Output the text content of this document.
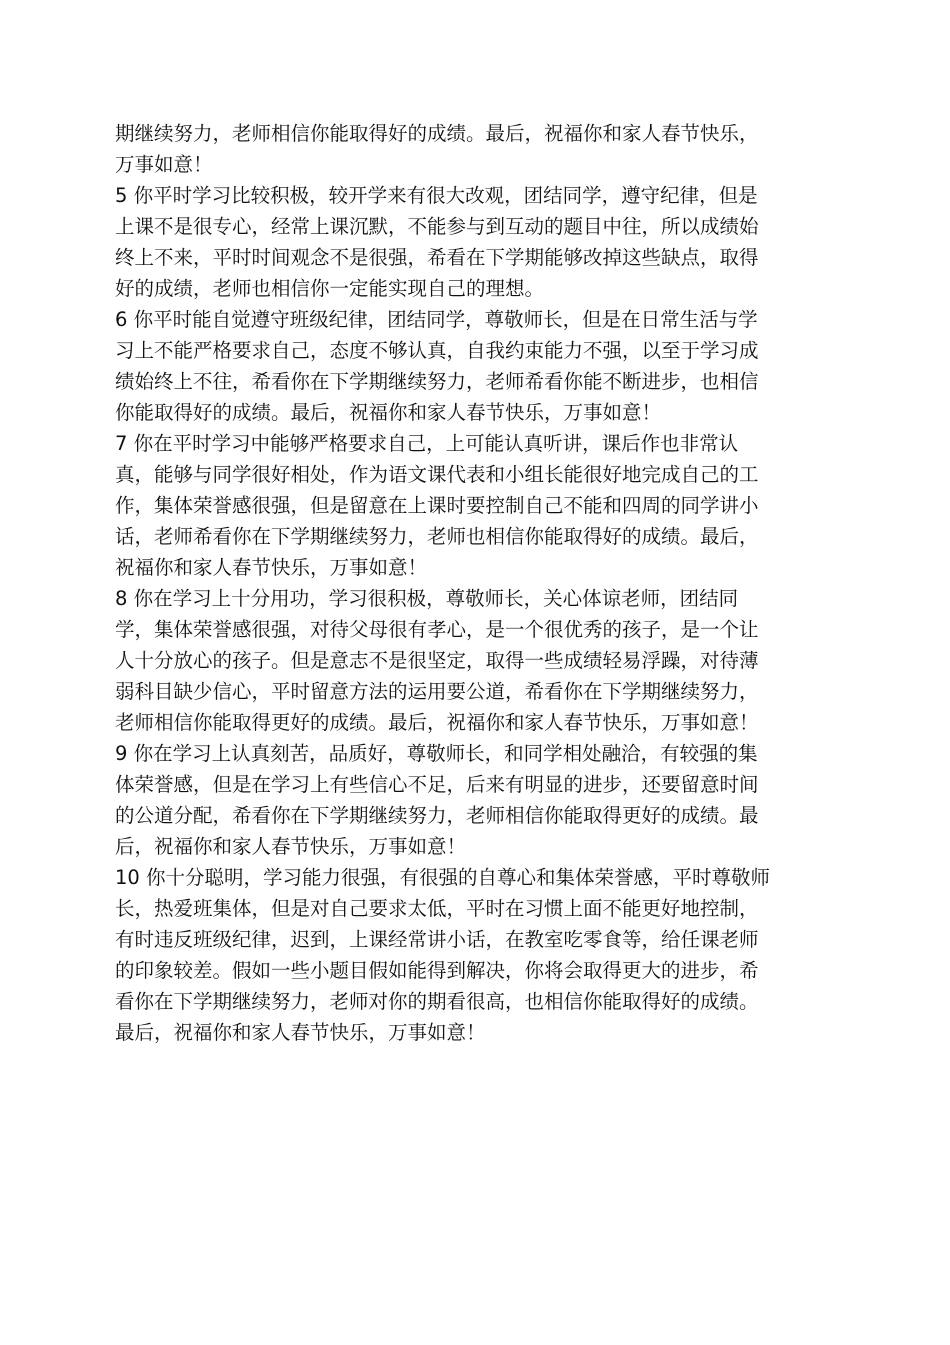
期继续努力，老师相信你能取得好的成绩。最后，祝福你和家人春节快乐，万事如意！

5 你平时学习比较积极，较开学来有很大改观，团结同学，遵守纪律，但是上课不是很专心，经常上课沉默，不能参与到互动的题目中往，所以成绩始终上不来，平时时间观念不是很强，希看在下学期能够改掉这些缺点，取得好的成绩，老师也相信你一定能实现自己的理想。

6 你平时能自觉遵守班级纪律，团结同学，尊敬师长，但是在日常生活与学习上不能严格要求自己，态度不够认真，自我约束能力不强，以至于学习成绩始终上不往，希看你在下学期继续努力，老师希看你能不断进步，也相信你能取得好的成绩。最后，祝福你和家人春节快乐，万事如意！

7 你在平时学习中能够严格要求自己，上可能认真听讲，课后作也非常认真，能够与同学很好相处，作为语文课代表和小组长能很好地完成自己的工作，集体荣誉感很强，但是留意在上课时要控制自己不能和四周的同学讲小话，老师希看你在下学期继续努力，老师也相信你能取得好的成绩。最后，祝福你和家人春节快乐，万事如意！

8 你在学习上十分用功，学习很积极，尊敬师长，关心体谅老师，团结同学，集体荣誉感很强，对待父母很有孝心，是一个很优秀的孩子，是一个让人十分放心的孩子。但是意志不是很坚定，取得一些成绩轻易浮躁，对待薄弱科目缺少信心，平时留意方法的运用要公道，希看你在下学期继续努力，老师相信你能取得更好的成绩。最后，祝福你和家人春节快乐，万事如意！

9 你在学习上认真刻苦，品质好，尊敬师长，和同学相处融洽，有较强的集体荣誉感，但是在学习上有些信心不足，后来有明显的进步，还要留意时间的公道分配，希看你在下学期继续努力，老师相信你能取得更好的成绩。最后，祝福你和家人春节快乐，万事如意！

10 你十分聪明，学习能力很强，有很强的自尊心和集体荣誉感，平时尊敬师长，热爱班集体，但是对自己要求太低，平时在习惯上面不能更好地控制，有时违反班级纪律，迟到，上课经常讲小话，在教室吃零食等，给任课老师的印象较差。假如一些小题目假如能得到解决，你将会取得更大的进步，希看你在下学期继续努力，老师对你的期看很高，也相信你能取得好的成绩。最后，祝福你和家人春节快乐，万事如意！
